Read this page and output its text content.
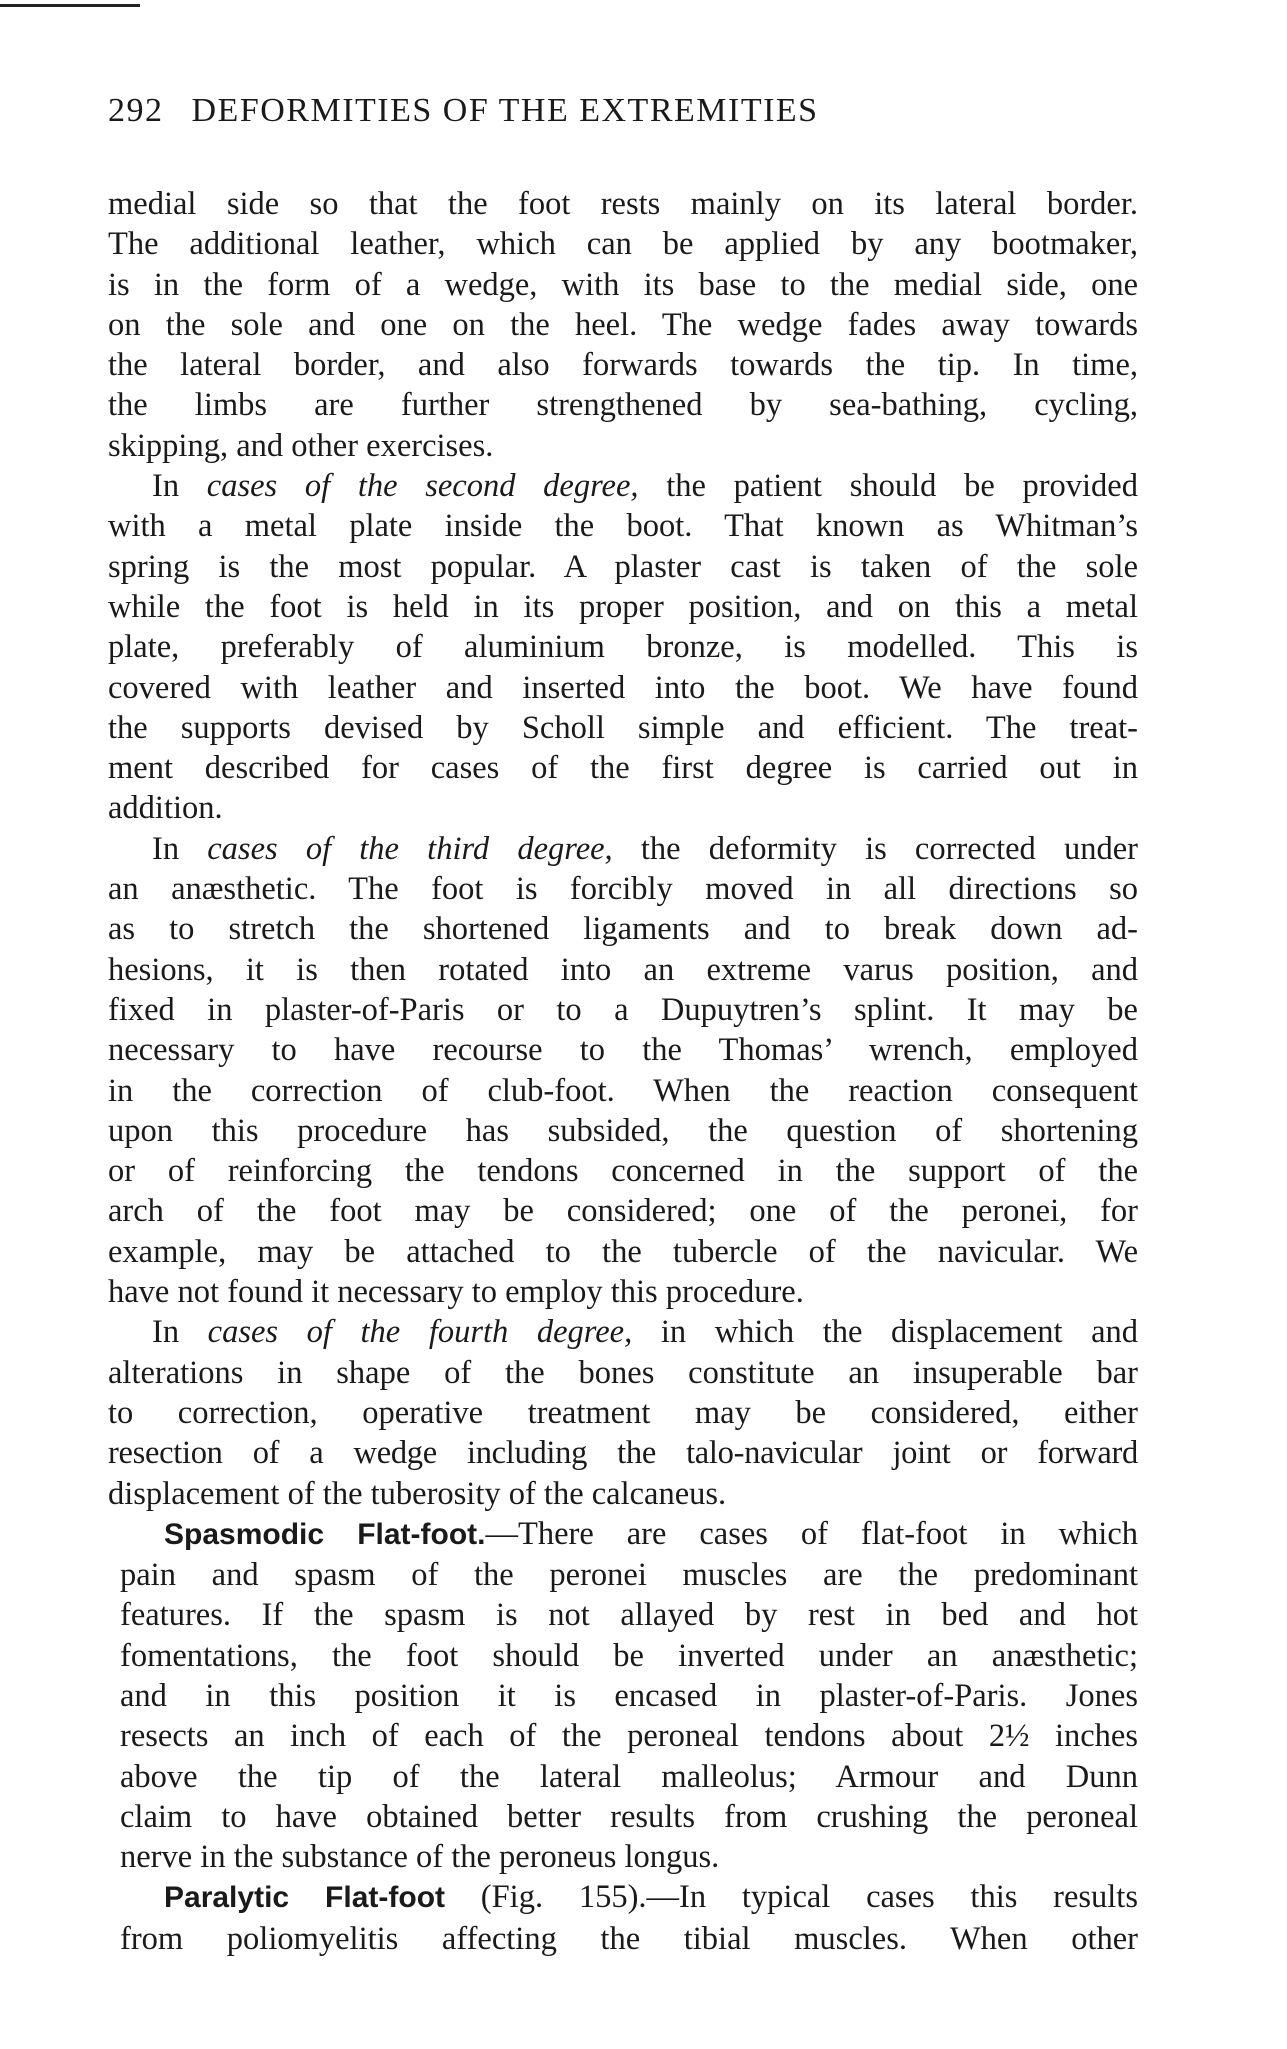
292 DEFORMITIES OF THE EXTREMITIES
medial side so that the foot rests mainly on its lateral border.
The additional leather, which can be applied by any bootmaker,
is in the form of a wedge, with its base to the medial side, one
on the sole and one on the heel. The wedge fades away towards
the lateral border, and also forwards towards the tip. In time,
the limbs are further strengthened by sea-bathing, cycling,
skipping, and other exercises.
In cases of the second degree, the patient should be provided
with a metal plate inside the boot. That known as Whitman’s
spring is the most popular. A plaster cast is taken of the sole
while the foot is held in its proper position, and on this a metal
plate, preferably of aluminium bronze, is modelled. This is
covered with leather and inserted into the boot. We have found
the supports devised by Scholl simple and efficient. The treat-
ment described for cases of the first degree is carried out in
addition.
In cases of the third degree, the deformity is corrected under
an anæsthetic. The foot is forcibly moved in all directions so
as to stretch the shortened ligaments and to break down ad-
hesions, it is then rotated into an extreme varus position, and
fixed in plaster-of-Paris or to a Dupuytren’s splint. It may be
necessary to have recourse to the Thomas’ wrench, employed
in the correction of club-foot. When the reaction consequent
upon this procedure has subsided, the question of shortening
or of reinforcing the tendons concerned in the support of the
arch of the foot may be considered; one of the peronei, for
example, may be attached to the tubercle of the navicular. We
have not found it necessary to employ this procedure.
In cases of the fourth degree, in which the displacement and
alterations in shape of the bones constitute an insuperable bar
to correction, operative treatment may be considered, either
resection of a wedge including the talo-navicular joint or forward
displacement of the tuberosity of the calcaneus.
Spasmodic Flat-foot.—There are cases of flat-foot in which
pain and spasm of the peronei muscles are the predominant
features. If the spasm is not allayed by rest in bed and hot
fomentations, the foot should be inverted under an anæsthetic;
and in this position it is encased in plaster-of-Paris. Jones
resects an inch of each of the peroneal tendons about 2½ inches
above the tip of the lateral malleolus; Armour and Dunn
claim to have obtained better results from crushing the peroneal
nerve in the substance of the peroneus longus.
Paralytic Flat-foot (Fig. 155).—In typical cases this results
from poliomyelitis affecting the tibial muscles. When other
